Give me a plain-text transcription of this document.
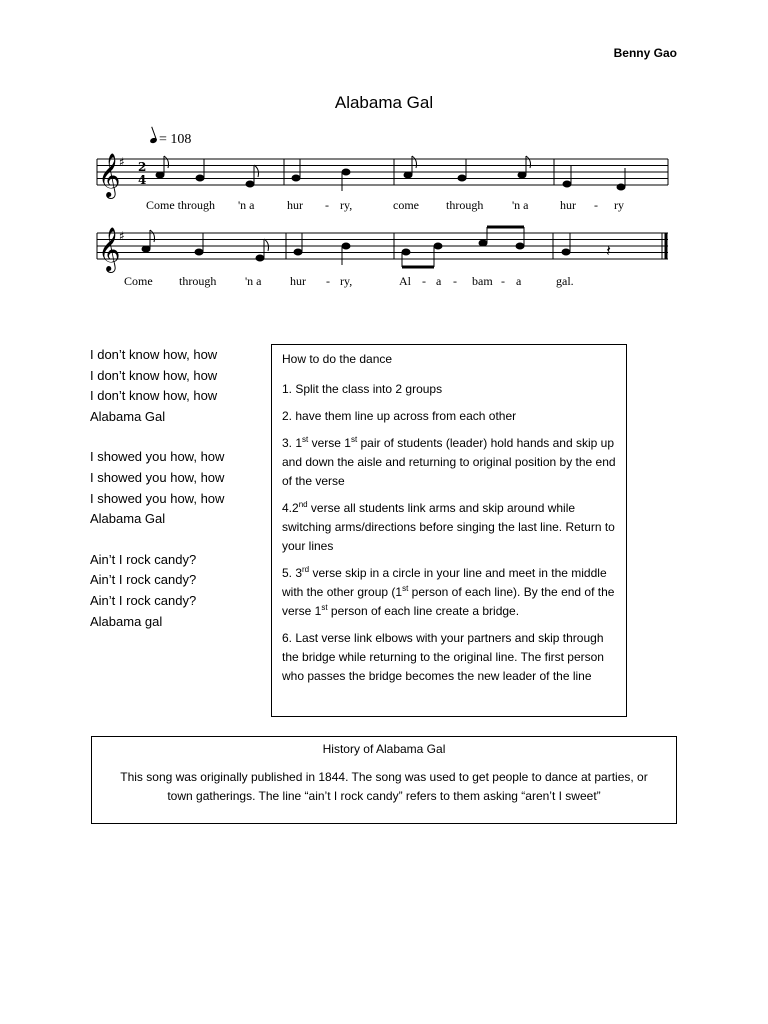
Benny Gao
Alabama Gal
= 108
𝄞
♯ 2
4
𝄞
♯
𝄽
Come through 'n a	hur - ry,	come through 'n a	hur - ry
Come through 'n a hur - ry,	Al - a - bam - a	gal.
I don’t know how, how
I don’t know how, how
I don’t know how, how
Alabama Gal
I showed you how, how
I showed you how, how
I showed you how, how
Alabama Gal
Ain’t I rock candy?
Ain’t I rock candy?
Ain’t I rock candy?
Alabama gal
How to do the dance
1. Split the class into 2 groups
2. have them line up across from each other
3. 1st verse 1st pair of students (leader) hold hands and skip up and down the aisle and returning to original position by the end of the verse
4.2nd verse all students link arms and skip around while switching arms/directions before singing the last line. Return to your lines
5. 3rd verse skip in a circle in your line and meet in the middle with the other group (1st person of each line). By the end of the verse 1st person of each line create a bridge.
6. Last verse link elbows with your partners and skip through the bridge while returning to the original line. The first person who passes the bridge becomes the new leader of the line
History of Alabama Gal
This song was originally published in 1844. The song was used to get people to dance at parties, or town gatherings. The line “ain’t I rock candy” refers to them asking “aren’t I sweet”
